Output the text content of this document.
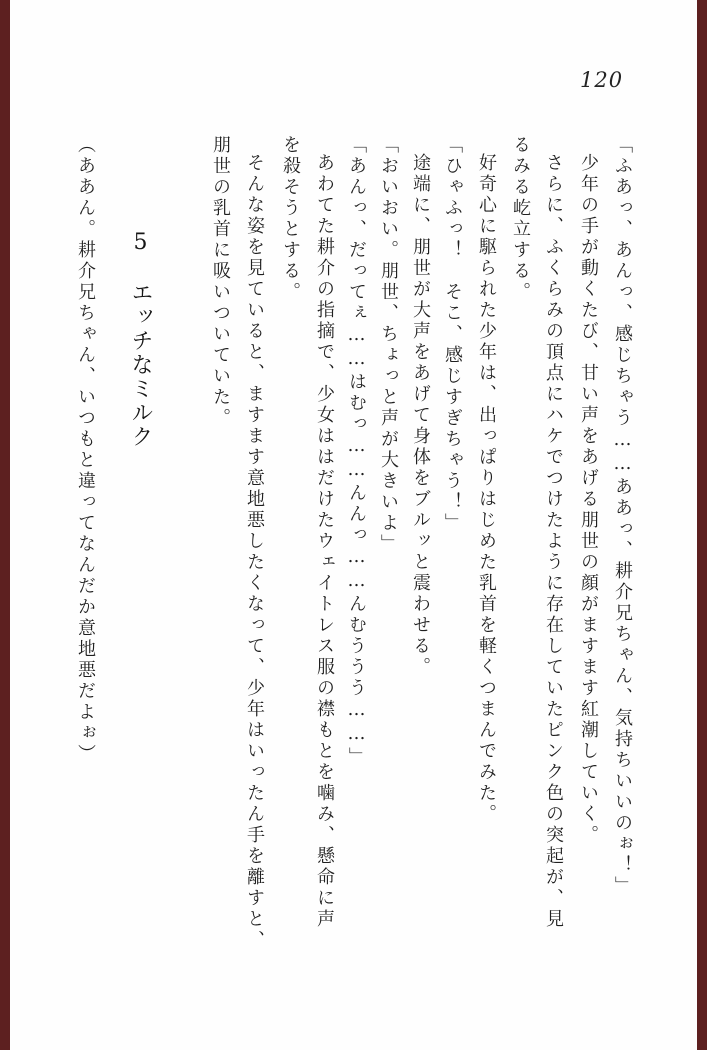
120
「ふあっ、あんっ、感じちゃう……ああっ、耕介兄ちゃん、気持ちいいのぉ！」
少年の手が動くたび、甘い声をあげる朋世の顔がますます紅潮していく。
さらに、ふくらみの頂点にハケでつけたように存在していたピンク色の突起が、見
るみる屹立する。
好奇心に駆られた少年は、出っぱりはじめた乳首を軽くつまんでみた。
「ひゃふっ！　そこ、感じすぎちゃう！」
途端に、朋世が大声をあげて身体をブルッと震わせる。
「おいおい。朋世、ちょっと声が大きいよ」
「あんっ、だってぇ……はむっ……んんっ……んむううう……」
あわてた耕介の指摘で、少女ははだけたウェイトレス服の襟もとを噛み、懸命に声
を殺そうとする。
そんな姿を見ていると、ますます意地悪したくなって、少年はいったん手を離すと、
朋世の乳首に吸いついていた。
5　エッチなミルク
（ああん。耕介兄ちゃん、いつもと違ってなんだか意地悪だよぉ）
